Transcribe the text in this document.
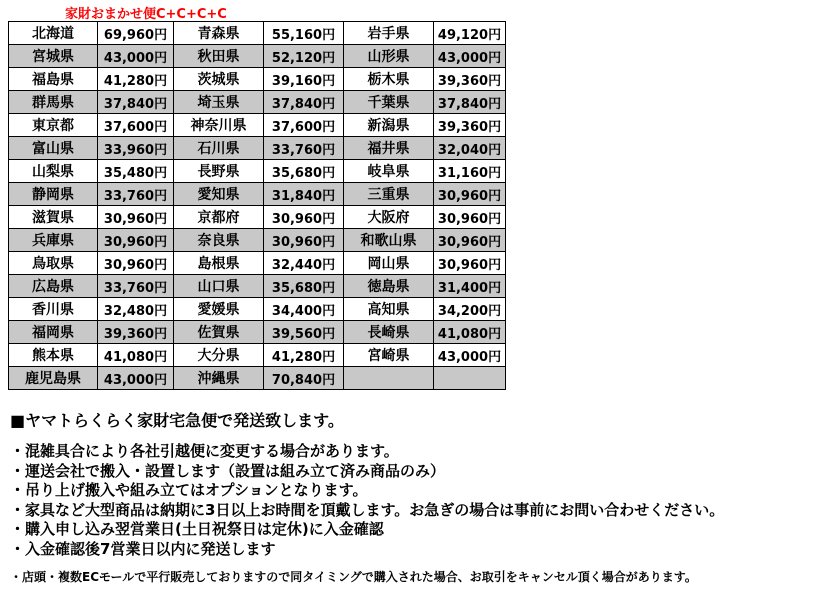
家財おまかせ便C+C+C+C
北海道	69,960円	青森県	55,160円	岩手県	49,120円
宮城県	43,000円	秋田県	52,120円	山形県	43,000円
福島県	41,280円	茨城県	39,160円	栃木県	39,360円
群馬県	37,840円	埼玉県	37,840円	千葉県	37,840円
東京都	37,600円	神奈川県	37,600円	新潟県	39,360円
富山県	33,960円	石川県	33,760円	福井県	32,040円
山梨県	35,480円	長野県	35,680円	岐阜県	31,160円
静岡県	33,760円	愛知県	31,840円	三重県	30,960円
滋賀県	30,960円	京都府	30,960円	大阪府	30,960円
兵庫県	30,960円	奈良県	30,960円	和歌山県	30,960円
鳥取県	30,960円	島根県	32,440円	岡山県	30,960円
広島県	33,760円	山口県	35,680円	徳島県	31,400円
香川県	32,480円	愛媛県	34,400円	高知県	34,200円
福岡県	39,360円	佐賀県	39,560円	長崎県	41,080円
熊本県	41,080円	大分県	41,280円	宮崎県	43,000円
鹿児島県	43,000円	沖縄県	70,840円		

■ヤマトらくらく家財宅急便で発送致します。

・混雑具合により各社引越便に変更する場合があります。
・運送会社で搬入・設置します（設置は組み立て済み商品のみ）
・吊り上げ搬入や組み立てはオプションとなります。
・家具など大型商品は納期に3日以上お時間を頂戴します。お急ぎの場合は事前にお問い合わせください。
・購入申し込み翌営業日(土日祝祭日は定休)に入金確認
・入金確認後7営業日以内に発送します

・店頭・複数ECモールで平行販売しておりますので同タイミングで購入された場合、お取引をキャンセル頂く場合があります。
